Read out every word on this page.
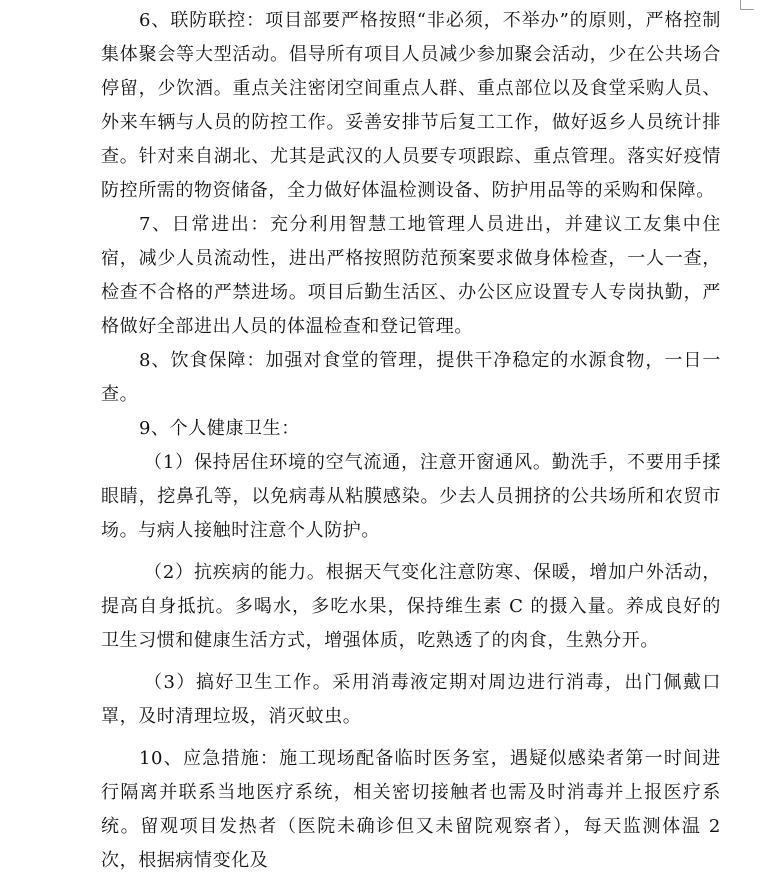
6、联防联控：项目部要严格按照“非必须，不举办”的原则，严格控制集体聚会等大型活动。倡导所有项目人员减少参加聚会活动，少在公共场合停留，少饮酒。重点关注密闭空间重点人群、重点部位以及食堂采购人员、外来车辆与人员的防控工作。妥善安排节后复工工作，做好返乡人员统计排查。针对来自湖北、尤其是武汉的人员要专项跟踪、重点管理。落实好疫情防控所需的物资储备，全力做好体温检测设备、防护用品等的采购和保障。

7、日常进出：充分利用智慧工地管理人员进出，并建议工友集中住宿，减少人员流动性，进出严格按照防范预案要求做身体检查，一人一查，检查不合格的严禁进场。项目后勤生活区、办公区应设置专人专岗执勤，严格做好全部进出人员的体温检查和登记管理。

8、饮食保障：加强对食堂的管理，提供干净稳定的水源食物，一日一查。

9、个人健康卫生：

（1）保持居住环境的空气流通，注意开窗通风。勤洗手，不要用手揉眼睛，挖鼻孔等，以免病毒从粘膜感染。少去人员拥挤的公共场所和农贸市场。与病人接触时注意个人防护。

（2）抗疾病的能力。根据天气变化注意防寒、保暖，增加户外活动，提高自身抵抗。多喝水，多吃水果，保持维生素 C 的摄入量。养成良好的卫生习惯和健康生活方式，增强体质，吃熟透了的肉食，生熟分开。

（3）搞好卫生工作。采用消毒液定期对周边进行消毒，出门佩戴口罩，及时清理垃圾，消灭蚊虫。

10、应急措施：施工现场配备临时医务室，遇疑似感染者第一时间进行隔离并联系当地医疗系统，相关密切接触者也需及时消毒并上报医疗系统。留观项目发热者（医院未确诊但又未留院观察者），每天监测体温 2 次，根据病情变化及
